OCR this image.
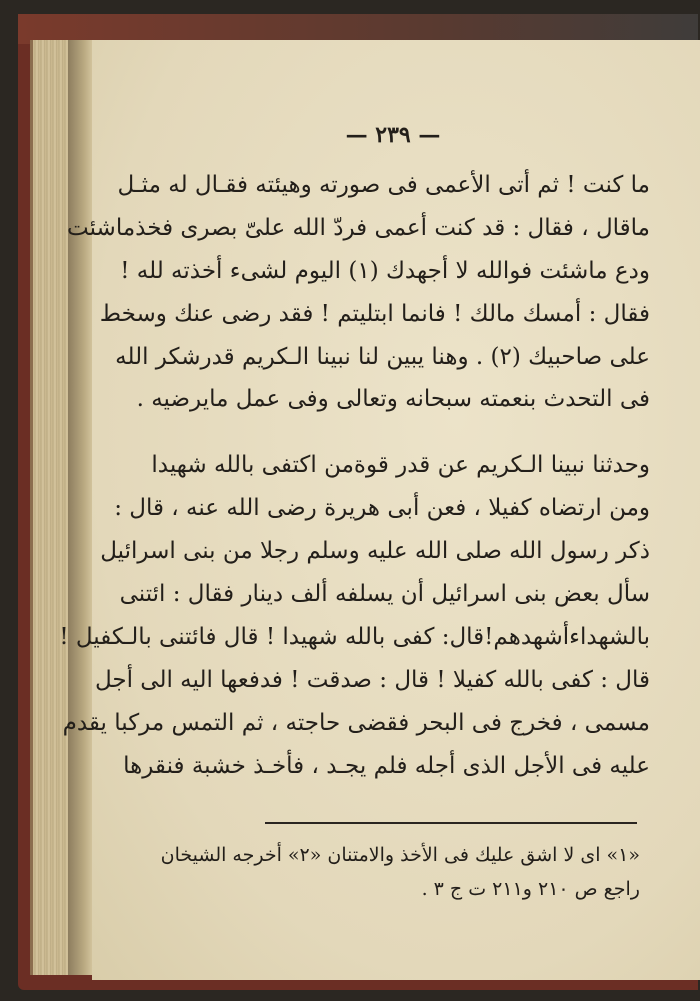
— ٢٣٩ —
ما كنت ! ثم أتى الأعمى فى صورته وهيئته فقـال له مثـل
ماقال ، فقال : قد كنت أعمى فردّ الله علىّ بصرى فخذماشئت
ودع ماشئت فوالله لا أجهدك (١) اليوم لشىء أخذته لله !
فقال : أمسك مالك ! فانما ابتليتم ! فقد رضى عنك وسخط
على صاحبيك (٢) . وهنا يبين لنا نبينا الـكريم قدرشكر الله
فى التحدث بنعمته سبحانه وتعالى وفى عمل مايرضيه .
وحدثنا نبينا الـكريم عن قدر قوةمن اكتفى بالله شهيدا
ومن ارتضاه كفيلا ، فعن أبى هريرة رضى الله عنه ، قال :
ذكر رسول الله صلى الله عليه وسلم رجلا من بنى اسرائيل
سأل بعض بنى اسرائيل أن يسلفه ألف دينار فقال : ائتنى
بالشهداءأشهدهم!قال: كفى بالله شهيدا ! قال فائتنى بالـكفيل !
قال : كفى بالله كفيلا ! قال : صدقت ! فدفعها اليه الى أجل
مسمى ، فخرج فى البحر فقضى حاجته ، ثم التمس مركبا يقدم
عليه فى الأجل الذى أجله فلم يجـد ، فأخـذ خشبة فنقرها
«١» اى لا اشق عليك فى الأخذ والامتنان «٢» أخرجه الشيخان
راجع ص ٢١٠ و٢١١ ت ج ٣ .
